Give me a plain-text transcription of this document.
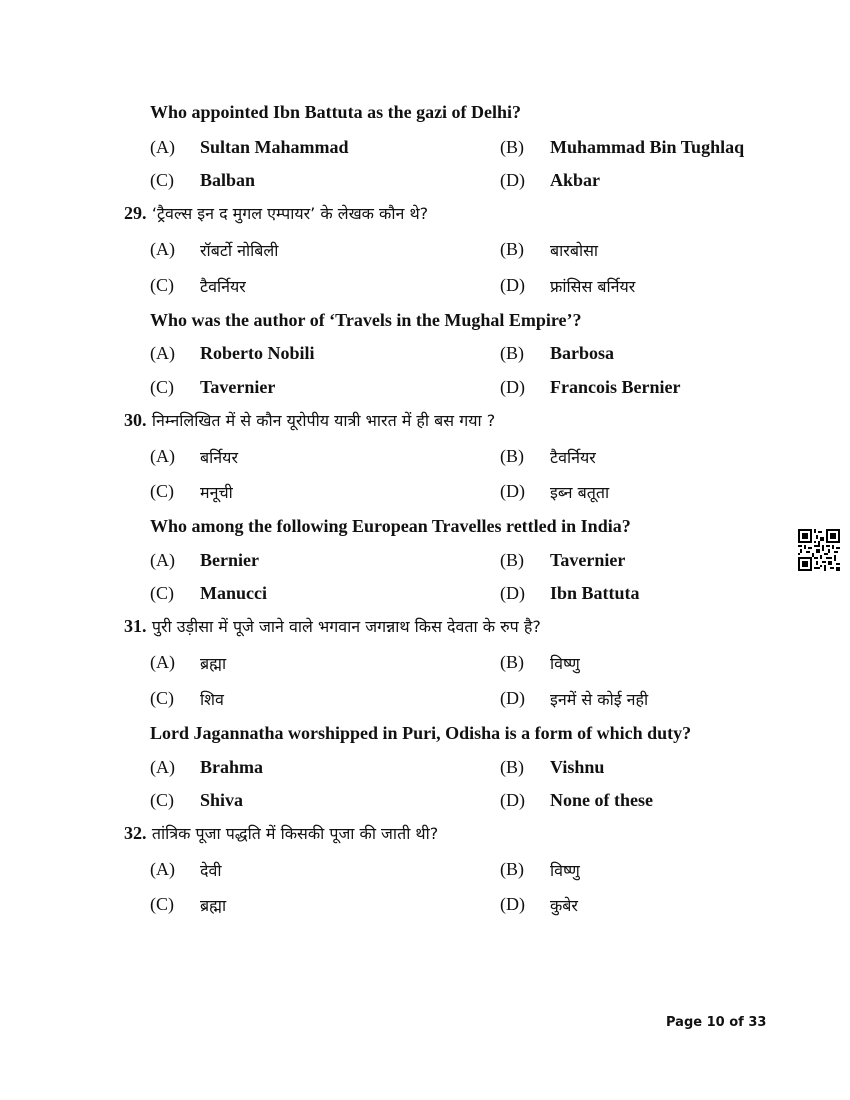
Who appointed Ibn Battuta as the gazi of Delhi?
(A) Sultan Mahammad	(B) Muhammad Bin Tughlaq
(C) Balban	(D) Akbar
29. ‘ट्रैवल्स इन द मुगल एम्पायर’ के लेखक कौन थे?
(A) रॉबर्टो नोबिली	(B) बारबोसा
(C) टैवर्नियर	(D) फ्रांसिस बर्नियर
Who was the author of ‘Travels in the Mughal Empire’?
(A) Roberto Nobili	(B) Barbosa
(C) Tavernier	(D) Francois Bernier
30. निम्नलिखित में से कौन यूरोपीय यात्री भारत में ही बस गया ?
(A) बर्नियर	(B) टैवर्नियर
(C) मनूची	(D) इब्न बतूता
Who among the following European Travelles rettled in India?
(A) Bernier	(B) Tavernier
(C) Manucci	(D) Ibn Battuta
31. पुरी उड़ीसा में पूजे जाने वाले भगवान जगन्नाथ किस देवता के रुप है?
(A) ब्रह्मा	(B) विष्णु
(C) शिव	(D) इनमें से कोई नही
Lord Jagannatha worshipped in Puri, Odisha is a form of which duty?
(A) Brahma	(B) Vishnu
(C) Shiva	(D) None of these
32. तांत्रिक पूजा पद्धति में किसकी पूजा की जाती थी?
(A) देवी	(B) विष्णु
(C) ब्रह्मा	(D) कुबेर
Page 10 of 33
